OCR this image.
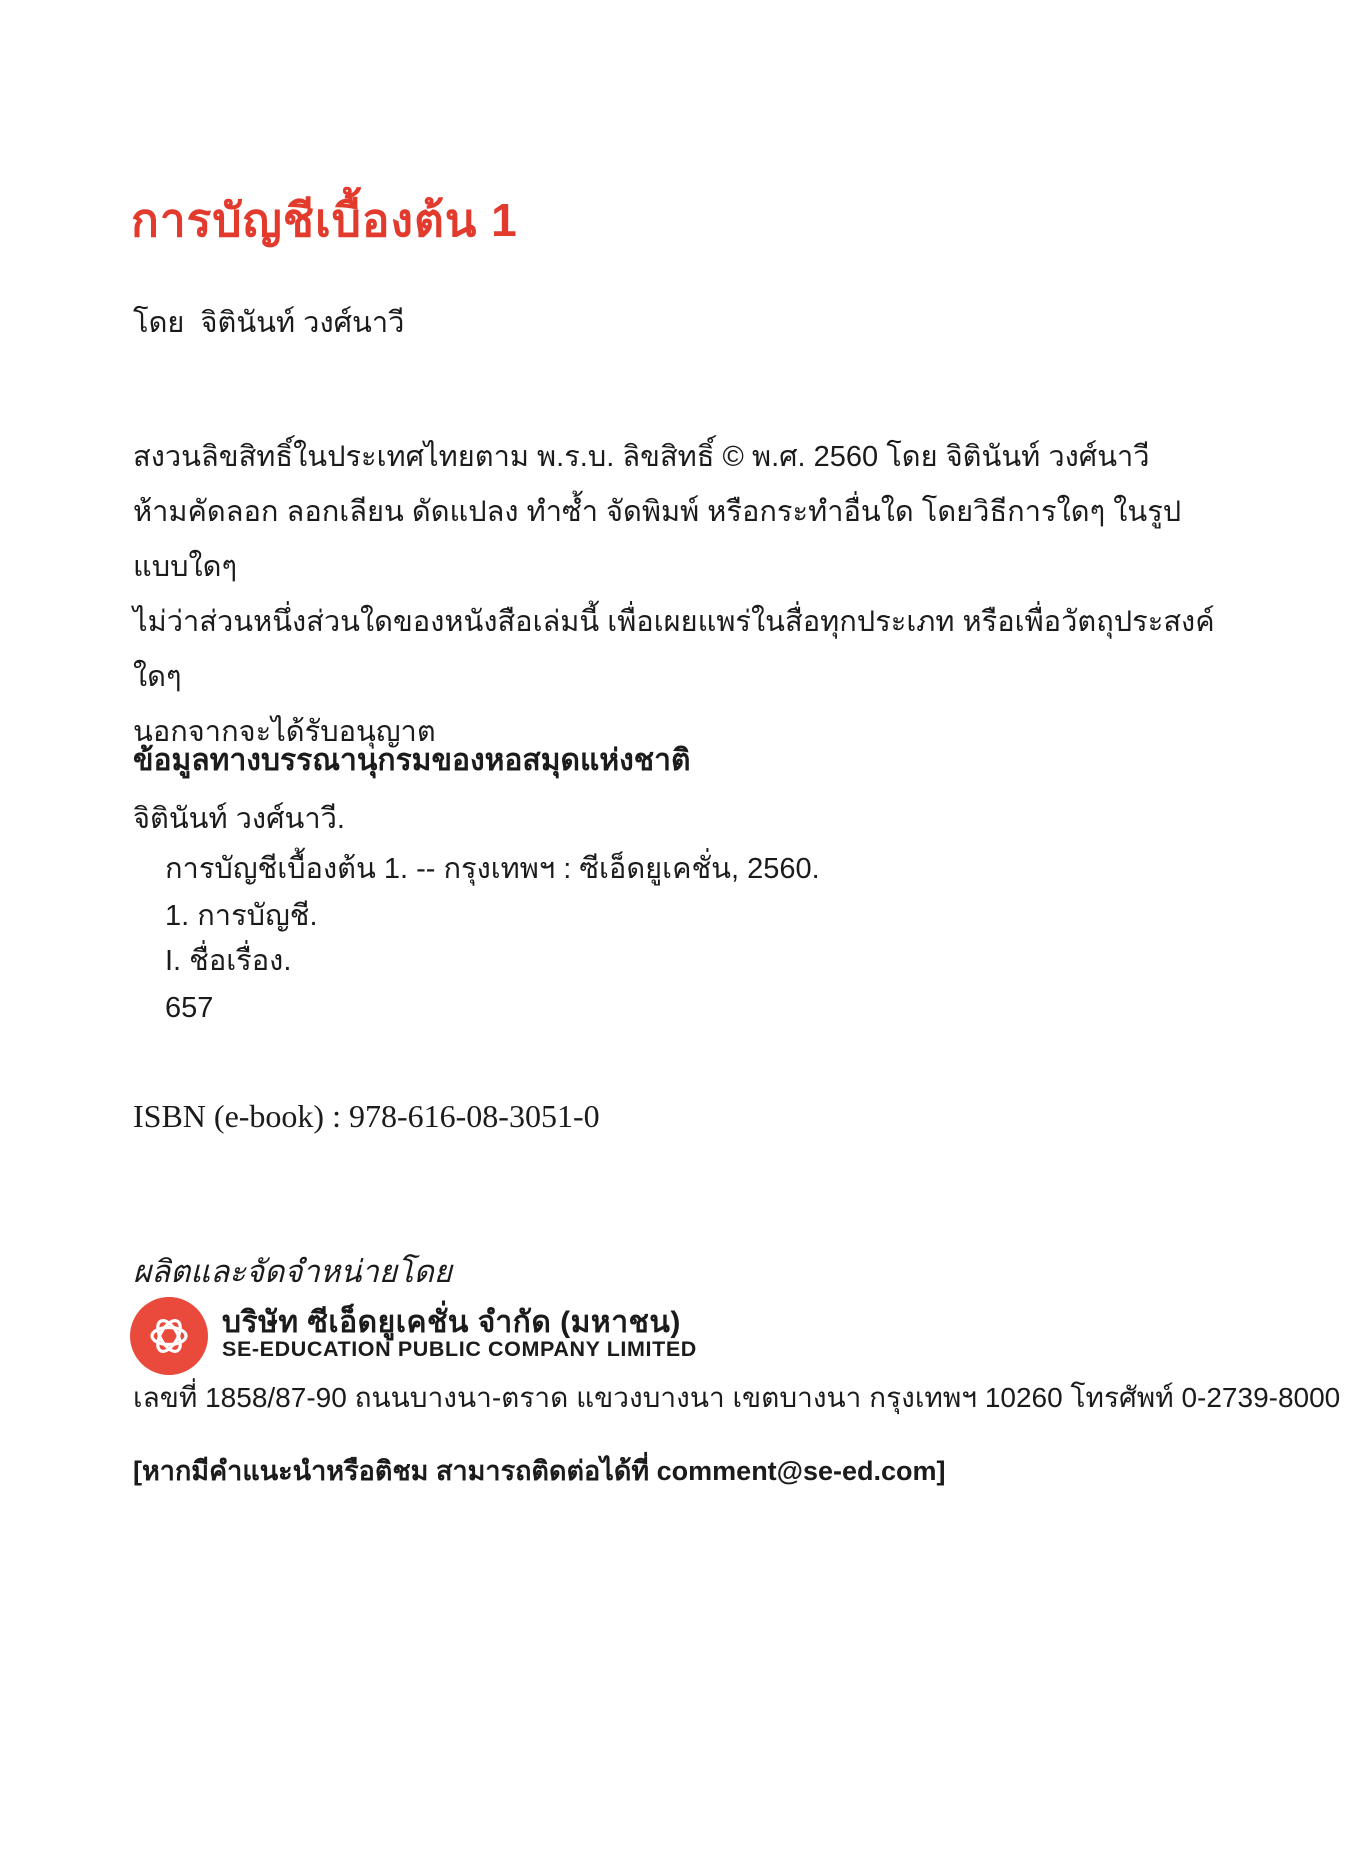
การบัญชีเบื้องต้น 1
โดย  จิตินันท์ วงศ์นาวี
สงวนลิขสิทธิ์ในประเทศไทยตาม พ.ร.บ. ลิขสิทธิ์ © พ.ศ. 2560 โดย จิตินันท์ วงศ์นาวี
ห้ามคัดลอก ลอกเลียน ดัดแปลง ทำซ้ำ จัดพิมพ์ หรือกระทำอื่นใด โดยวิธีการใดๆ ในรูปแบบใดๆ
ไม่ว่าส่วนหนึ่งส่วนใดของหนังสือเล่มนี้ เพื่อเผยแพร่ในสื่อทุกประเภท หรือเพื่อวัตถุประสงค์ใดๆ
นอกจากจะได้รับอนุญาต
ข้อมูลทางบรรณานุกรมของหอสมุดแห่งชาติ
จิตินันท์ วงศ์นาวี.
การบัญชีเบื้องต้น 1. -- กรุงเทพฯ : ซีเอ็ดยูเคชั่น, 2560.
1. การบัญชี.
I. ชื่อเรื่อง.
657
ISBN (e-book) : 978-616-08-3051-0
ผลิตและจัดจำหน่ายโดย
บริษัท ซีเอ็ดยูเคชั่น จำกัด (มหาชน)
SE-EDUCATION PUBLIC COMPANY LIMITED
เลขที่ 1858/87-90 ถนนบางนา-ตราด แขวงบางนา เขตบางนา กรุงเทพฯ 10260 โทรศัพท์ 0-2739-8000
[หากมีคำแนะนำหรือติชม สามารถติดต่อได้ที่ comment@se-ed.com]
